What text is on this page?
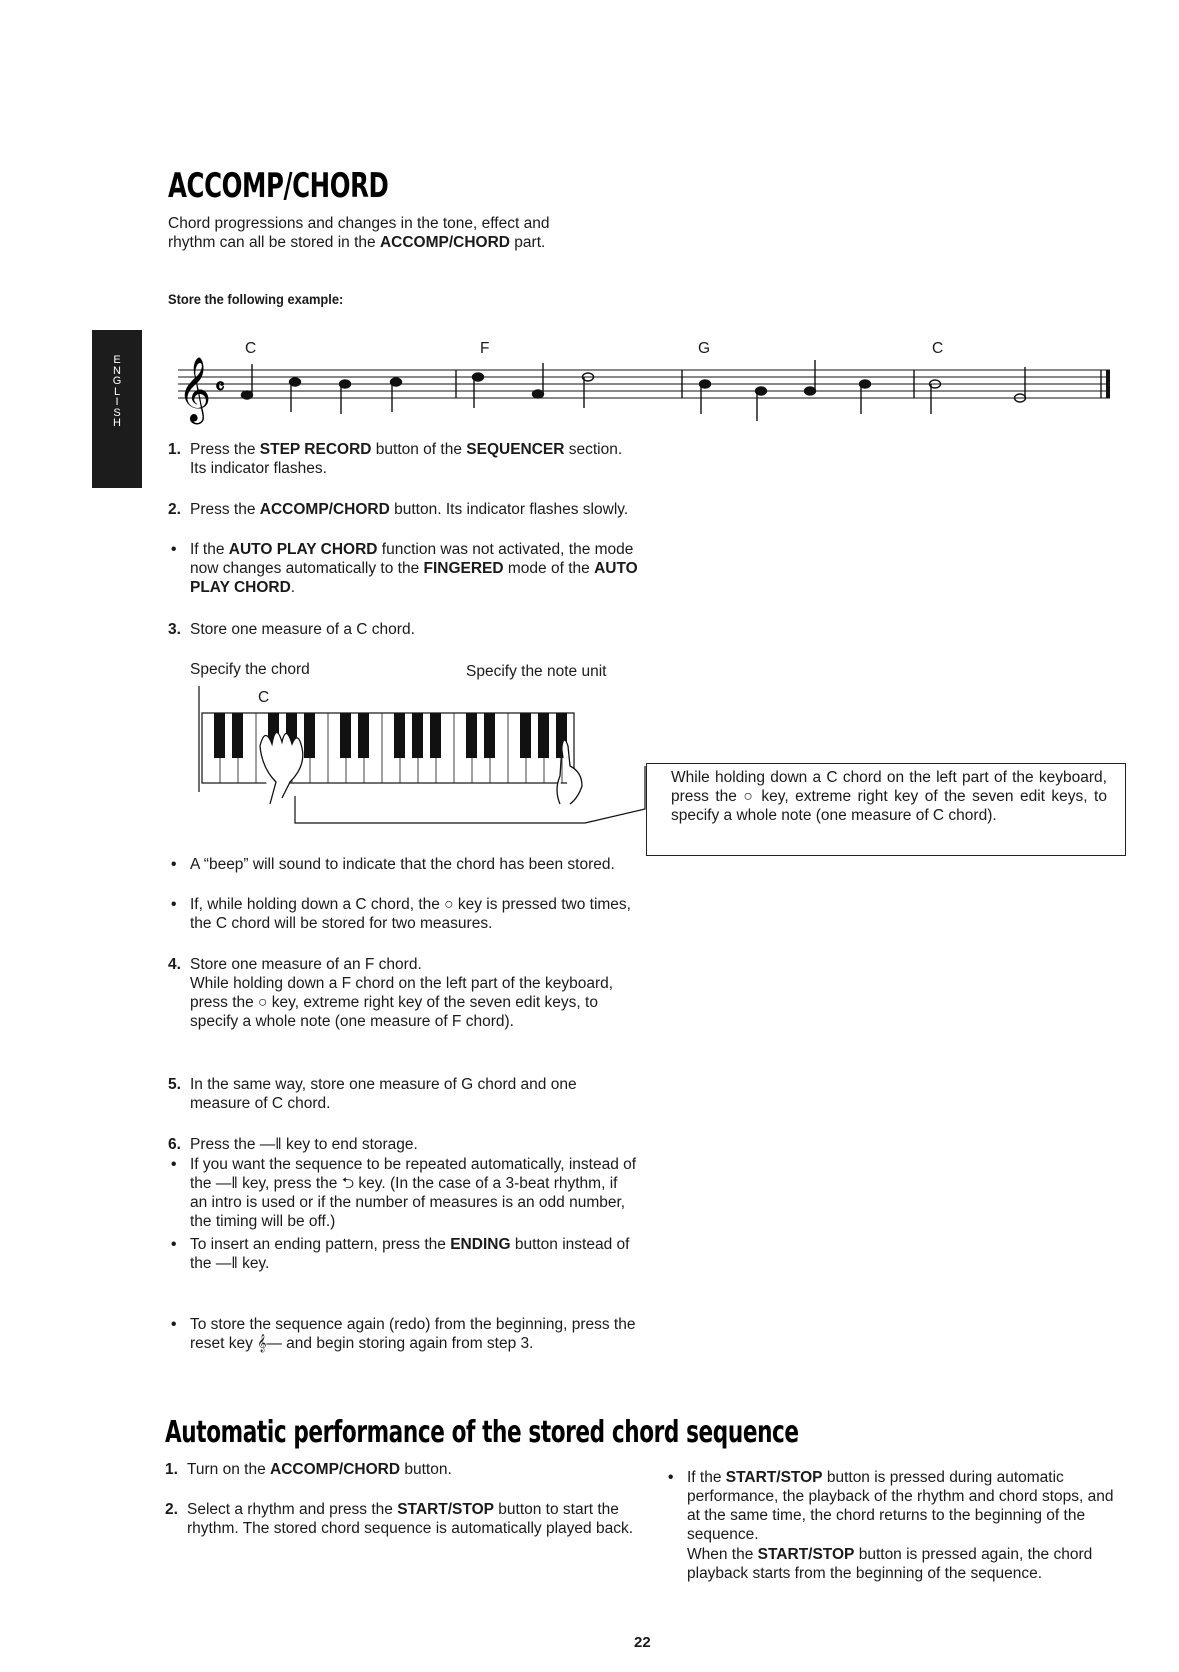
E
N
G
L
I
S
H
ACCOMP/CHORD
Chord progressions and changes in the tone, effect and
rhythm can all be stored in the ACCOMP/CHORD part.
Store the following example:
𝄞 𝄴
C	F	G	C
1. Press the STEP RECORD button of the SEQUENCER section. Its indicator flashes.
2. Press the ACCOMP/CHORD button. Its indicator flashes slowly.
• If the AUTO PLAY CHORD function was not activated, the mode now changes automatically to the FINGERED mode of the AUTO PLAY CHORD.
3. Store one measure of a C chord.
Specify the chord	Specify the note unit
C
While holding down a C chord on the left part of the keyboard, press the ○ key, extreme right key of the seven edit keys, to specify a whole note (one measure of C chord).
• A “beep” will sound to indicate that the chord has been stored.
• If, while holding down a C chord, the ○ key is pressed two times, the C chord will be stored for two measures.
4. Store one measure of an F chord.
While holding down a F chord on the left part of the keyboard, press the ○ key, extreme right key of the seven edit keys, to specify a whole note (one measure of F chord).
5. In the same way, store one measure of G chord and one measure of C chord.
6. Press the —‖ key to end storage.
• If you want the sequence to be repeated automatically, instead of the —‖ key, press the ⮌ key. (In the case of a 3-beat rhythm, if an intro is used or if the number of measures is an odd number, the timing will be off.)
• To insert an ending pattern, press the ENDING button instead of the —‖ key.
• To store the sequence again (redo) from the beginning, press the reset key 𝄞— and begin storing again from step 3.
Automatic performance of the stored chord sequence
1. Turn on the ACCOMP/CHORD button.
2. Select a rhythm and press the START/STOP button to start the rhythm. The stored chord sequence is automatically played back.
• If the START/STOP button is pressed during automatic performance, the playback of the rhythm and chord stops, and at the same time, the chord returns to the beginning of the sequence.
When the START/STOP button is pressed again, the chord playback starts from the beginning of the sequence.
22
